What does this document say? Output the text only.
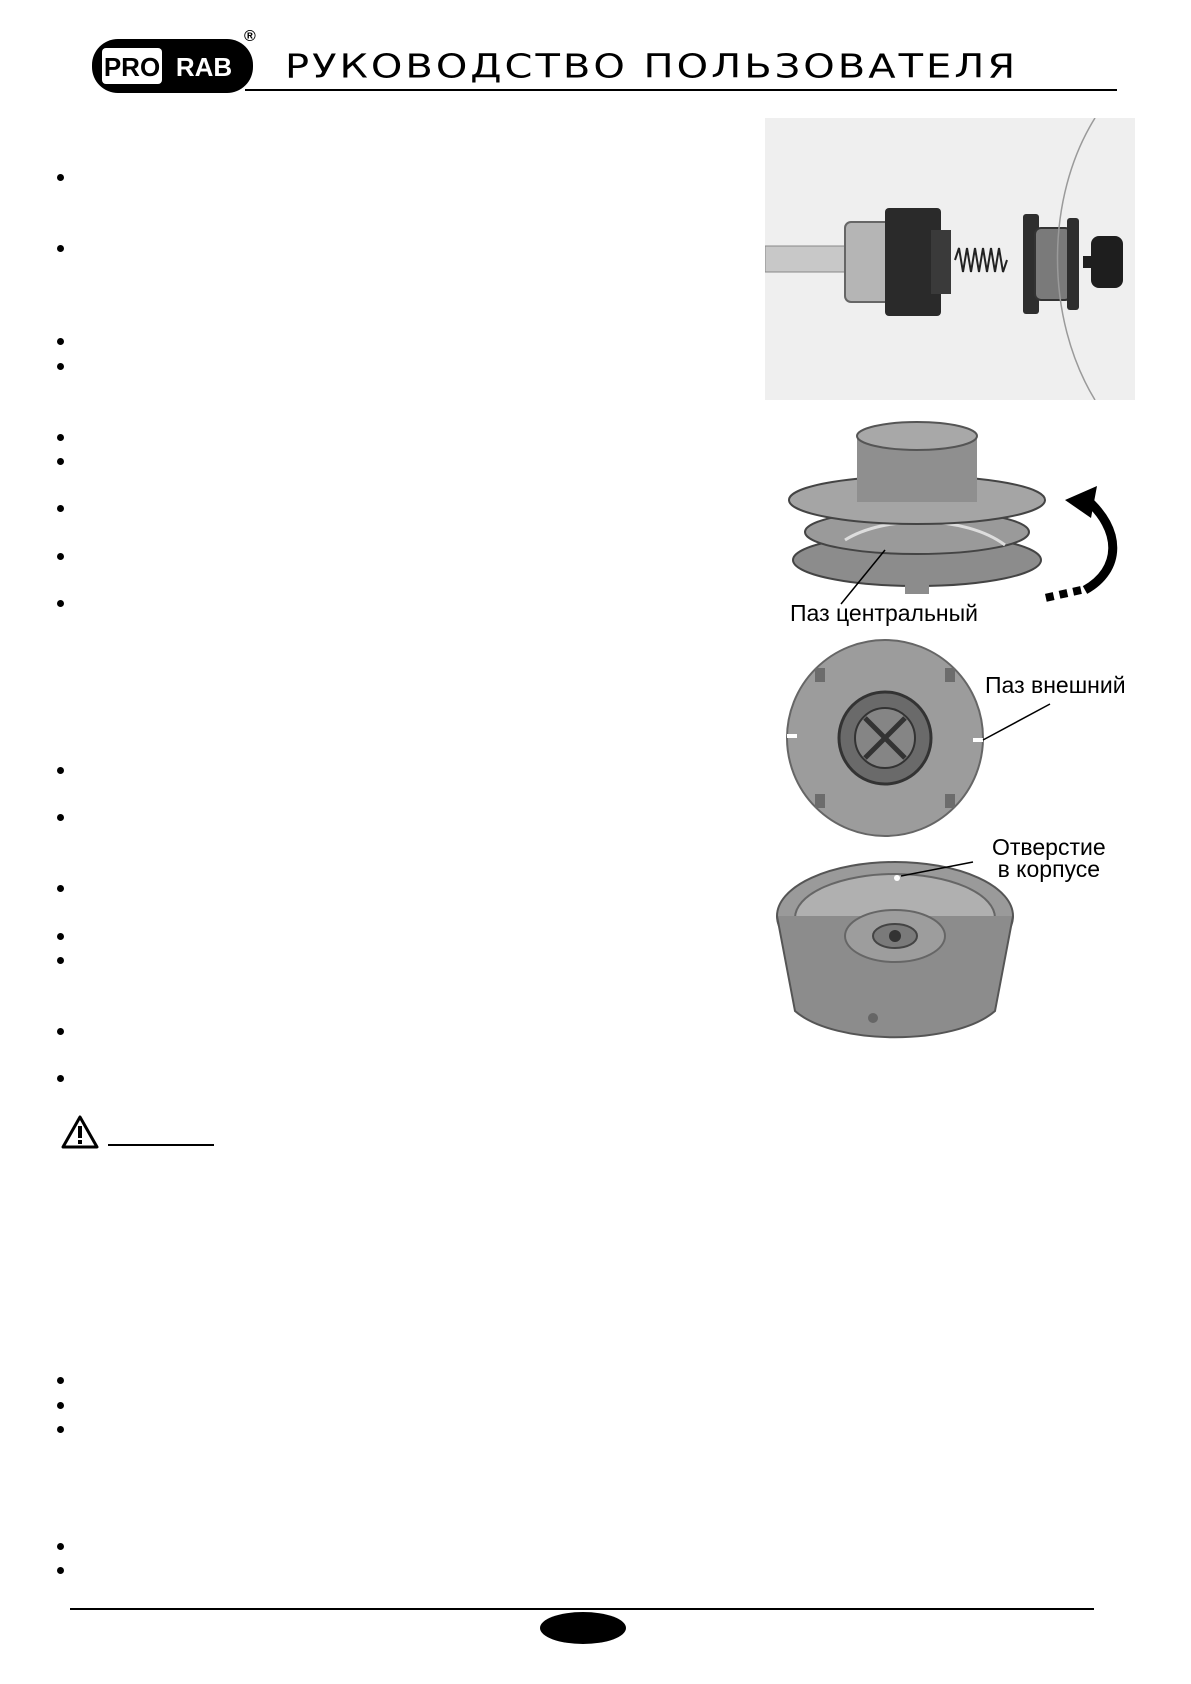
PRO RAB
®
РУКОВОДСТВО ПОЛЬЗОВАТЕЛЯ
Паз центральный
Паз внешний
Отверстие
в корпусе
